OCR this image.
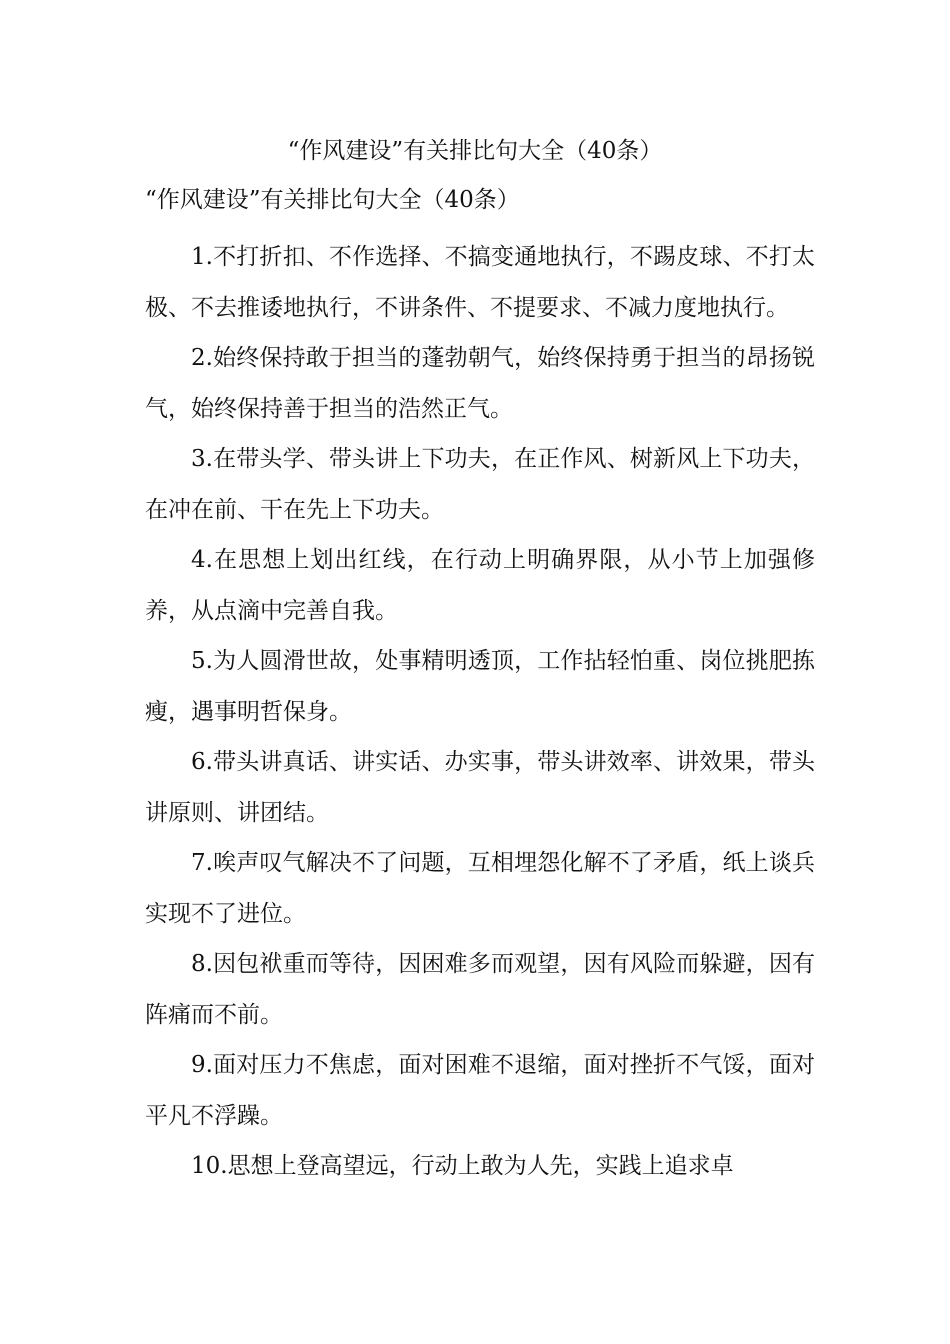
“作风建设”有关排比句大全（40条）
“作风建设”有关排比句大全（40条）

1.不打折扣、不作选择、不搞变通地执行，不踢皮球、不打太极、不去推诿地执行，不讲条件、不提要求、不减力度地执行。

2.始终保持敢于担当的蓬勃朝气，始终保持勇于担当的昂扬锐气，始终保持善于担当的浩然正气。

3.在带头学、带头讲上下功夫，在正作风、树新风上下功夫，在冲在前、干在先上下功夫。

4.在思想上划出红线，在行动上明确界限，从小节上加强修养，从点滴中完善自我。

5.为人圆滑世故，处事精明透顶，工作拈轻怕重、岗位挑肥拣瘦，遇事明哲保身。

6.带头讲真话、讲实话、办实事，带头讲效率、讲效果，带头讲原则、讲团结。

7.唉声叹气解决不了问题，互相埋怨化解不了矛盾，纸上谈兵实现不了进位。

8.因包袱重而等待，因困难多而观望，因有风险而躲避，因有阵痛而不前。

9.面对压力不焦虑，面对困难不退缩，面对挫折不气馁，面对平凡不浮躁。

10.思想上登高望远，行动上敢为人先，实践上追求卓
